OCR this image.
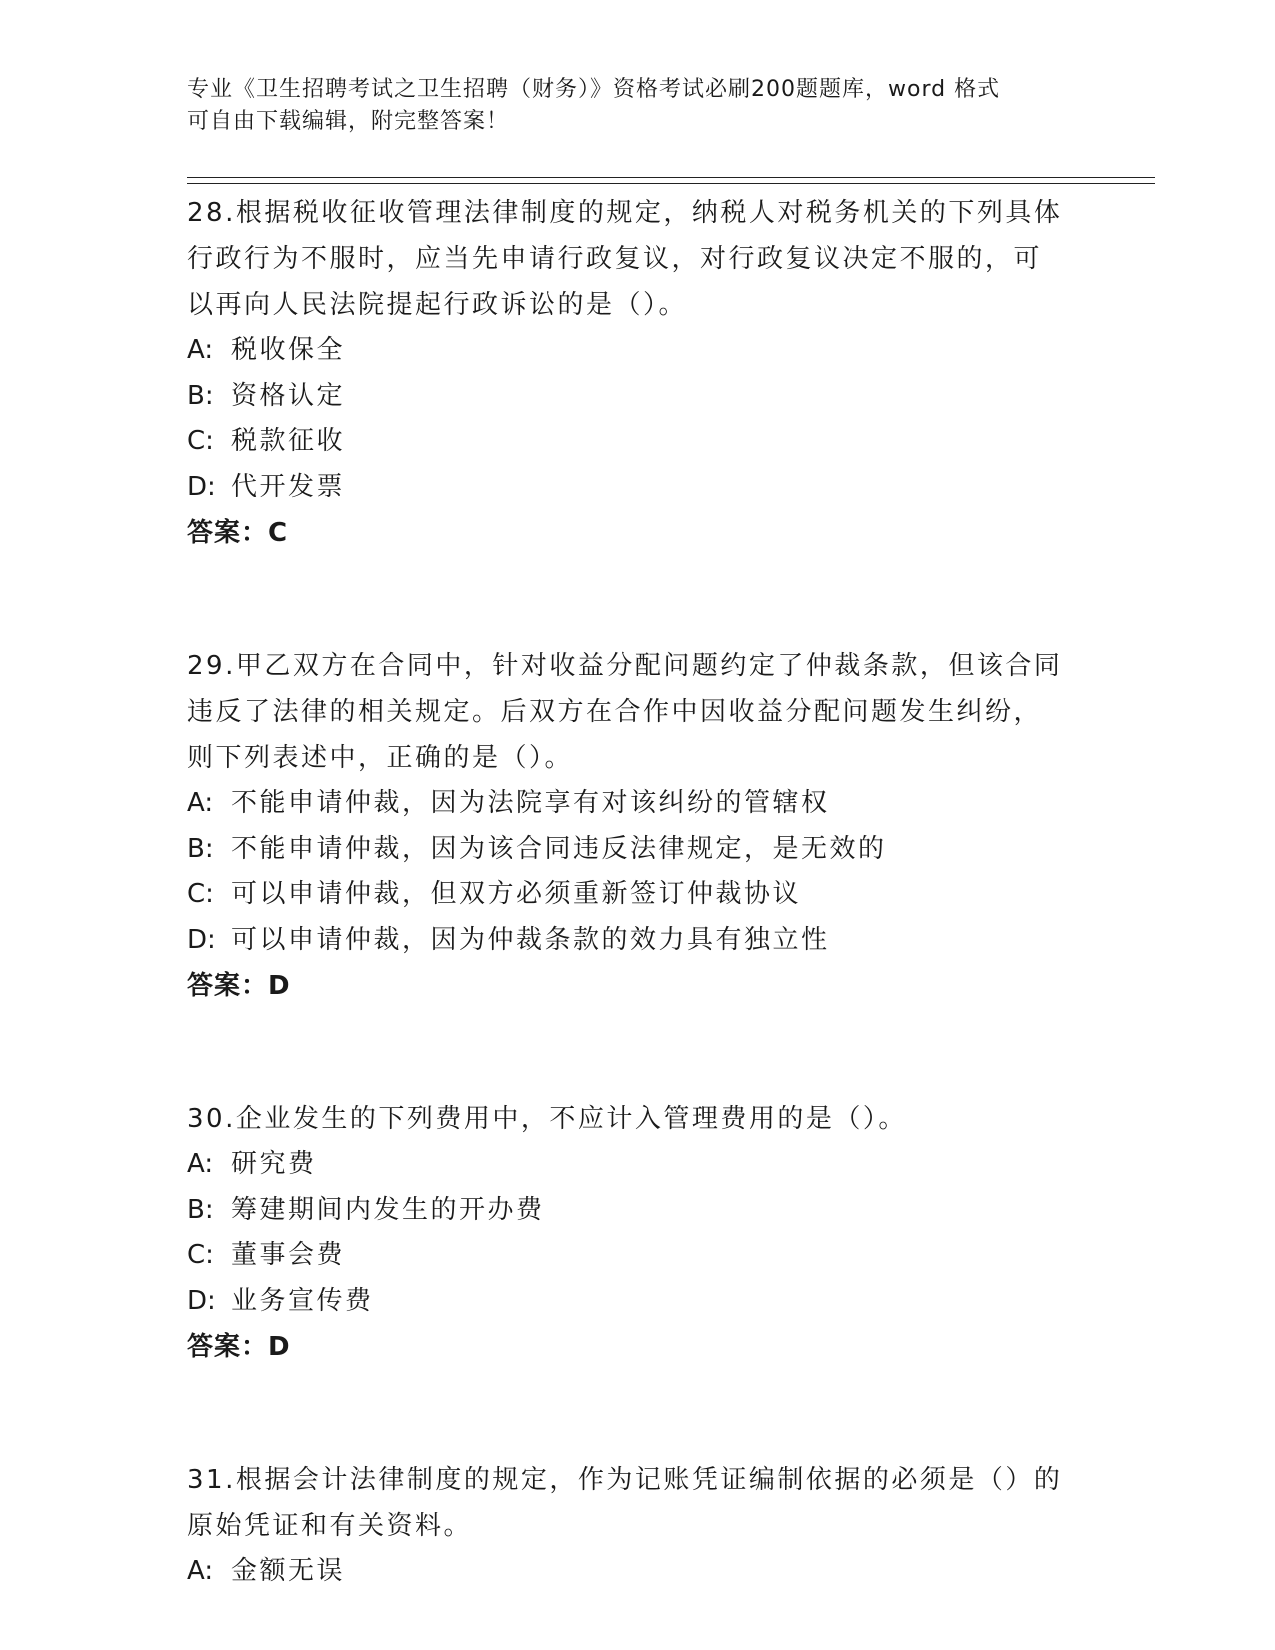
专业《卫生招聘考试之卫生招聘（财务）》资格考试必刷200题题库，word 格式
可自由下载编辑，附完整答案！
28.根据税收征收管理法律制度的规定，纳税人对税务机关的下列具体
行政行为不服时，应当先申请行政复议，对行政复议决定不服的，可
以再向人民法院提起行政诉讼的是（）。
A: 税收保全
B: 资格认定
C: 税款征收
D: 代开发票
答案：C
29.甲乙双方在合同中，针对收益分配问题约定了仲裁条款，但该合同
违反了法律的相关规定。后双方在合作中因收益分配问题发生纠纷，
则下列表述中，正确的是（）。
A: 不能申请仲裁，因为法院享有对该纠纷的管辖权
B: 不能申请仲裁，因为该合同违反法律规定，是无效的
C: 可以申请仲裁，但双方必须重新签订仲裁协议
D: 可以申请仲裁，因为仲裁条款的效力具有独立性
答案：D
30.企业发生的下列费用中，不应计入管理费用的是（）。
A: 研究费
B: 筹建期间内发生的开办费
C: 董事会费
D: 业务宣传费
答案：D
31.根据会计法律制度的规定，作为记账凭证编制依据的必须是（）的
原始凭证和有关资料。
A: 金额无误
